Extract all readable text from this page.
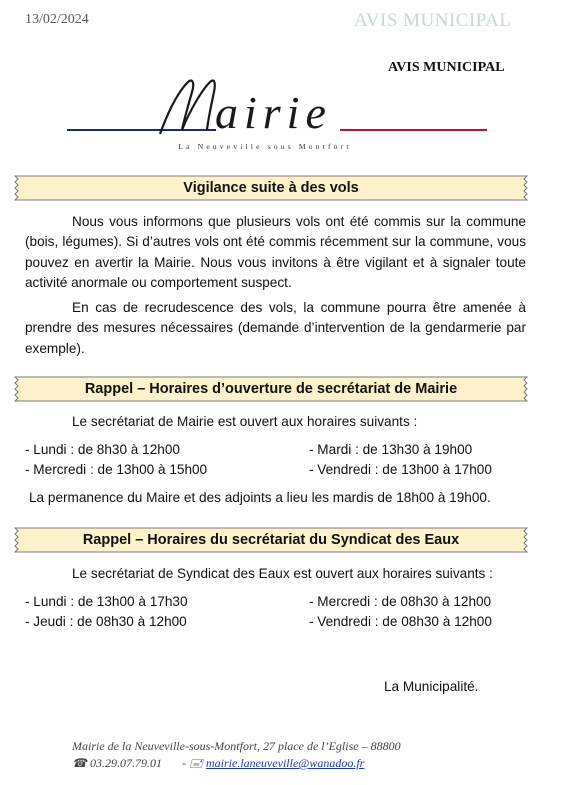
13/02/2024	AVIS MUNICIPAL
AVIS MUNICIPAL
airie
La Neuveville sous Montfort
Vigilance suite à des vols
Nous vous informons que plusieurs vols ont été commis sur la commune (bois, légumes). Si d’autres vols ont été commis récemment sur la commune, vous pouvez en avertir la Mairie. Nous vous invitons à être vigilant et à signaler toute activité anormale ou comportement suspect.
En cas de recrudescence des vols, la commune pourra être amenée à prendre des mesures nécessaires (demande d’intervention de la gendarmerie par exemple).
Rappel – Horaires d’ouverture de secrétariat de Mairie
Le secrétariat de Mairie est ouvert aux horaires suivants :
- Lundi : de 8h30 à 12h00	- Mardi : de 13h30 à 19h00
- Mercredi : de 13h00 à 15h00	- Vendredi : de 13h00 à 17h00
La permanence du Maire et des adjoints a lieu les mardis de 18h00 à 19h00.
Rappel – Horaires du secrétariat du Syndicat des Eaux
Le secrétariat de Syndicat des Eaux est ouvert aux horaires suivants :
- Lundi : de 13h00 à 17h30	- Mercredi : de 08h30 à 12h00
- Jeudi : de 08h30 à 12h00	- Vendredi : de 08h30 à 12h00
La Municipalité.
Mairie de la Neuveville-sous-Montfort, 27 place de l’Eglise – 88800
☎ 03.29.07.79.01 - 🖃 mairie.laneuveville@wanadoo.fr
